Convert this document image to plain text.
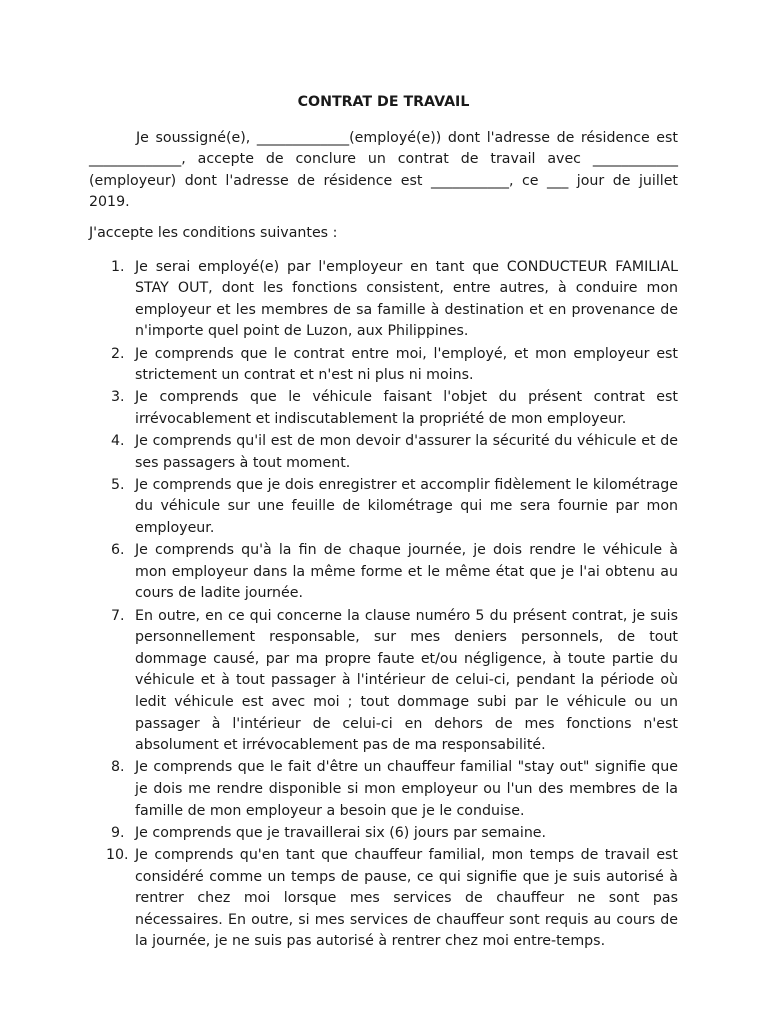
CONTRAT DE TRAVAIL

Je soussigné(e), _____________(employé(e)) dont l'adresse de résidence est _____________, accepte de conclure un contrat de travail avec ____________ (employeur) dont l'adresse de résidence est ___________, ce ___ jour de juillet 2019.

J'accepte les conditions suivantes :

1. Je serai employé(e) par l'employeur en tant que CONDUCTEUR FAMILIAL STAY OUT, dont les fonctions consistent, entre autres, à conduire mon employeur et les membres de sa famille à destination et en provenance de n'importe quel point de Luzon, aux Philippines.
2. Je comprends que le contrat entre moi, l'employé, et mon employeur est strictement un contrat et n'est ni plus ni moins.
3. Je comprends que le véhicule faisant l'objet du présent contrat est irrévocablement et indiscutablement la propriété de mon employeur.
4. Je comprends qu'il est de mon devoir d'assurer la sécurité du véhicule et de ses passagers à tout moment.
5. Je comprends que je dois enregistrer et accomplir fidèlement le kilométrage du véhicule sur une feuille de kilométrage qui me sera fournie par mon employeur.
6. Je comprends qu'à la fin de chaque journée, je dois rendre le véhicule à mon employeur dans la même forme et le même état que je l'ai obtenu au cours de ladite journée.
7. En outre, en ce qui concerne la clause numéro 5 du présent contrat, je suis personnellement responsable, sur mes deniers personnels, de tout dommage causé, par ma propre faute et/ou négligence, à toute partie du véhicule et à tout passager à l'intérieur de celui-ci, pendant la période où ledit véhicule est avec moi ; tout dommage subi par le véhicule ou un passager à l'intérieur de celui-ci en dehors de mes fonctions n'est absolument et irrévocablement pas de ma responsabilité.
8. Je comprends que le fait d'être un chauffeur familial "stay out" signifie que je dois me rendre disponible si mon employeur ou l'un des membres de la famille de mon employeur a besoin que je le conduise.
9. Je comprends que je travaillerai six (6) jours par semaine.
10. Je comprends qu'en tant que chauffeur familial, mon temps de travail est considéré comme un temps de pause, ce qui signifie que je suis autorisé à rentrer chez moi lorsque mes services de chauffeur ne sont pas nécessaires. En outre, si mes services de chauffeur sont requis au cours de la journée, je ne suis pas autorisé à rentrer chez moi entre-temps.
